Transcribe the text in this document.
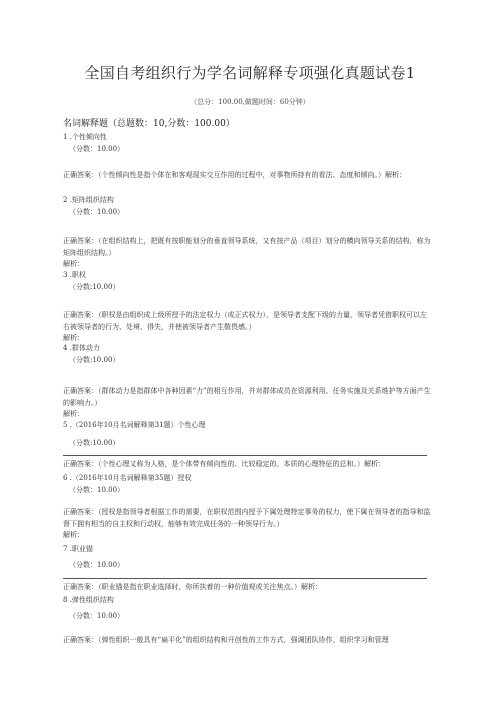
全国自考组织行为学名词解释专项强化真题试卷1
（总分：100.00,做题时间：60分钟）
名词解释题（总题数：10,分数：100.00）
1 .个性倾向性
（分数：10.00）
正确答案：（个性倾向性是指个体在和客观现实交互作用的过程中，对事物所持有的看法、态度和倾向。）解析：
2 .矩阵组织结构
（分数：10.00）
正确答案：（在组织结构上，把既有按职能划分的垂直领导系统，又有按产品（项目）划分的横向领导关系的结构，称为矩阵组织结构。）
解析：
3 .职权
（分数:10.00）
正确答案：（职权是由组织成上级所授予的法定权力（或正式权力），是领导者支配下级的力量，领导者凭借职权可以左右被领导者的行为、处境、得失，并使被领导者产生敬畏感。）
解析：
4 .群体动力
（分数:10.00）
正确答案：（群体动力是指群体中各种因素“力”的相互作用，并对群体成员在资源利用、任务实施及关系维护等方面产生的影响力。）
解析：
5 .（2016年10月名词解释第31题）个性心理
（分数:10.00）
正确答案：（个性心理又称为人格，是个体带有倾向性的、比较稳定的、本质的心理特征的总和。）解析：
6 .（2016年10月名词解释第35题）授权
（分数：10.00）
正确答案：（授权是指领导者根据工作的需要，在职权范围内授予下属处理特定事务的权力，使下属在领导者的指导和监督下拥有相当的自主权和行动权，能够有效完成任务的一种领导行为。）
解析：
7 .职业锚
（分数：10.00）
正确答案：（职业锚是指在职业选择时，你所执着的一种价值观或关注焦点。）解析：
8 .弹性组织结构
（分数：10.00）
正确答案：（弹性组织一般具有“扁平化”的组织结构和开创性的工作方式，强调团队协作、组织学习和管理
